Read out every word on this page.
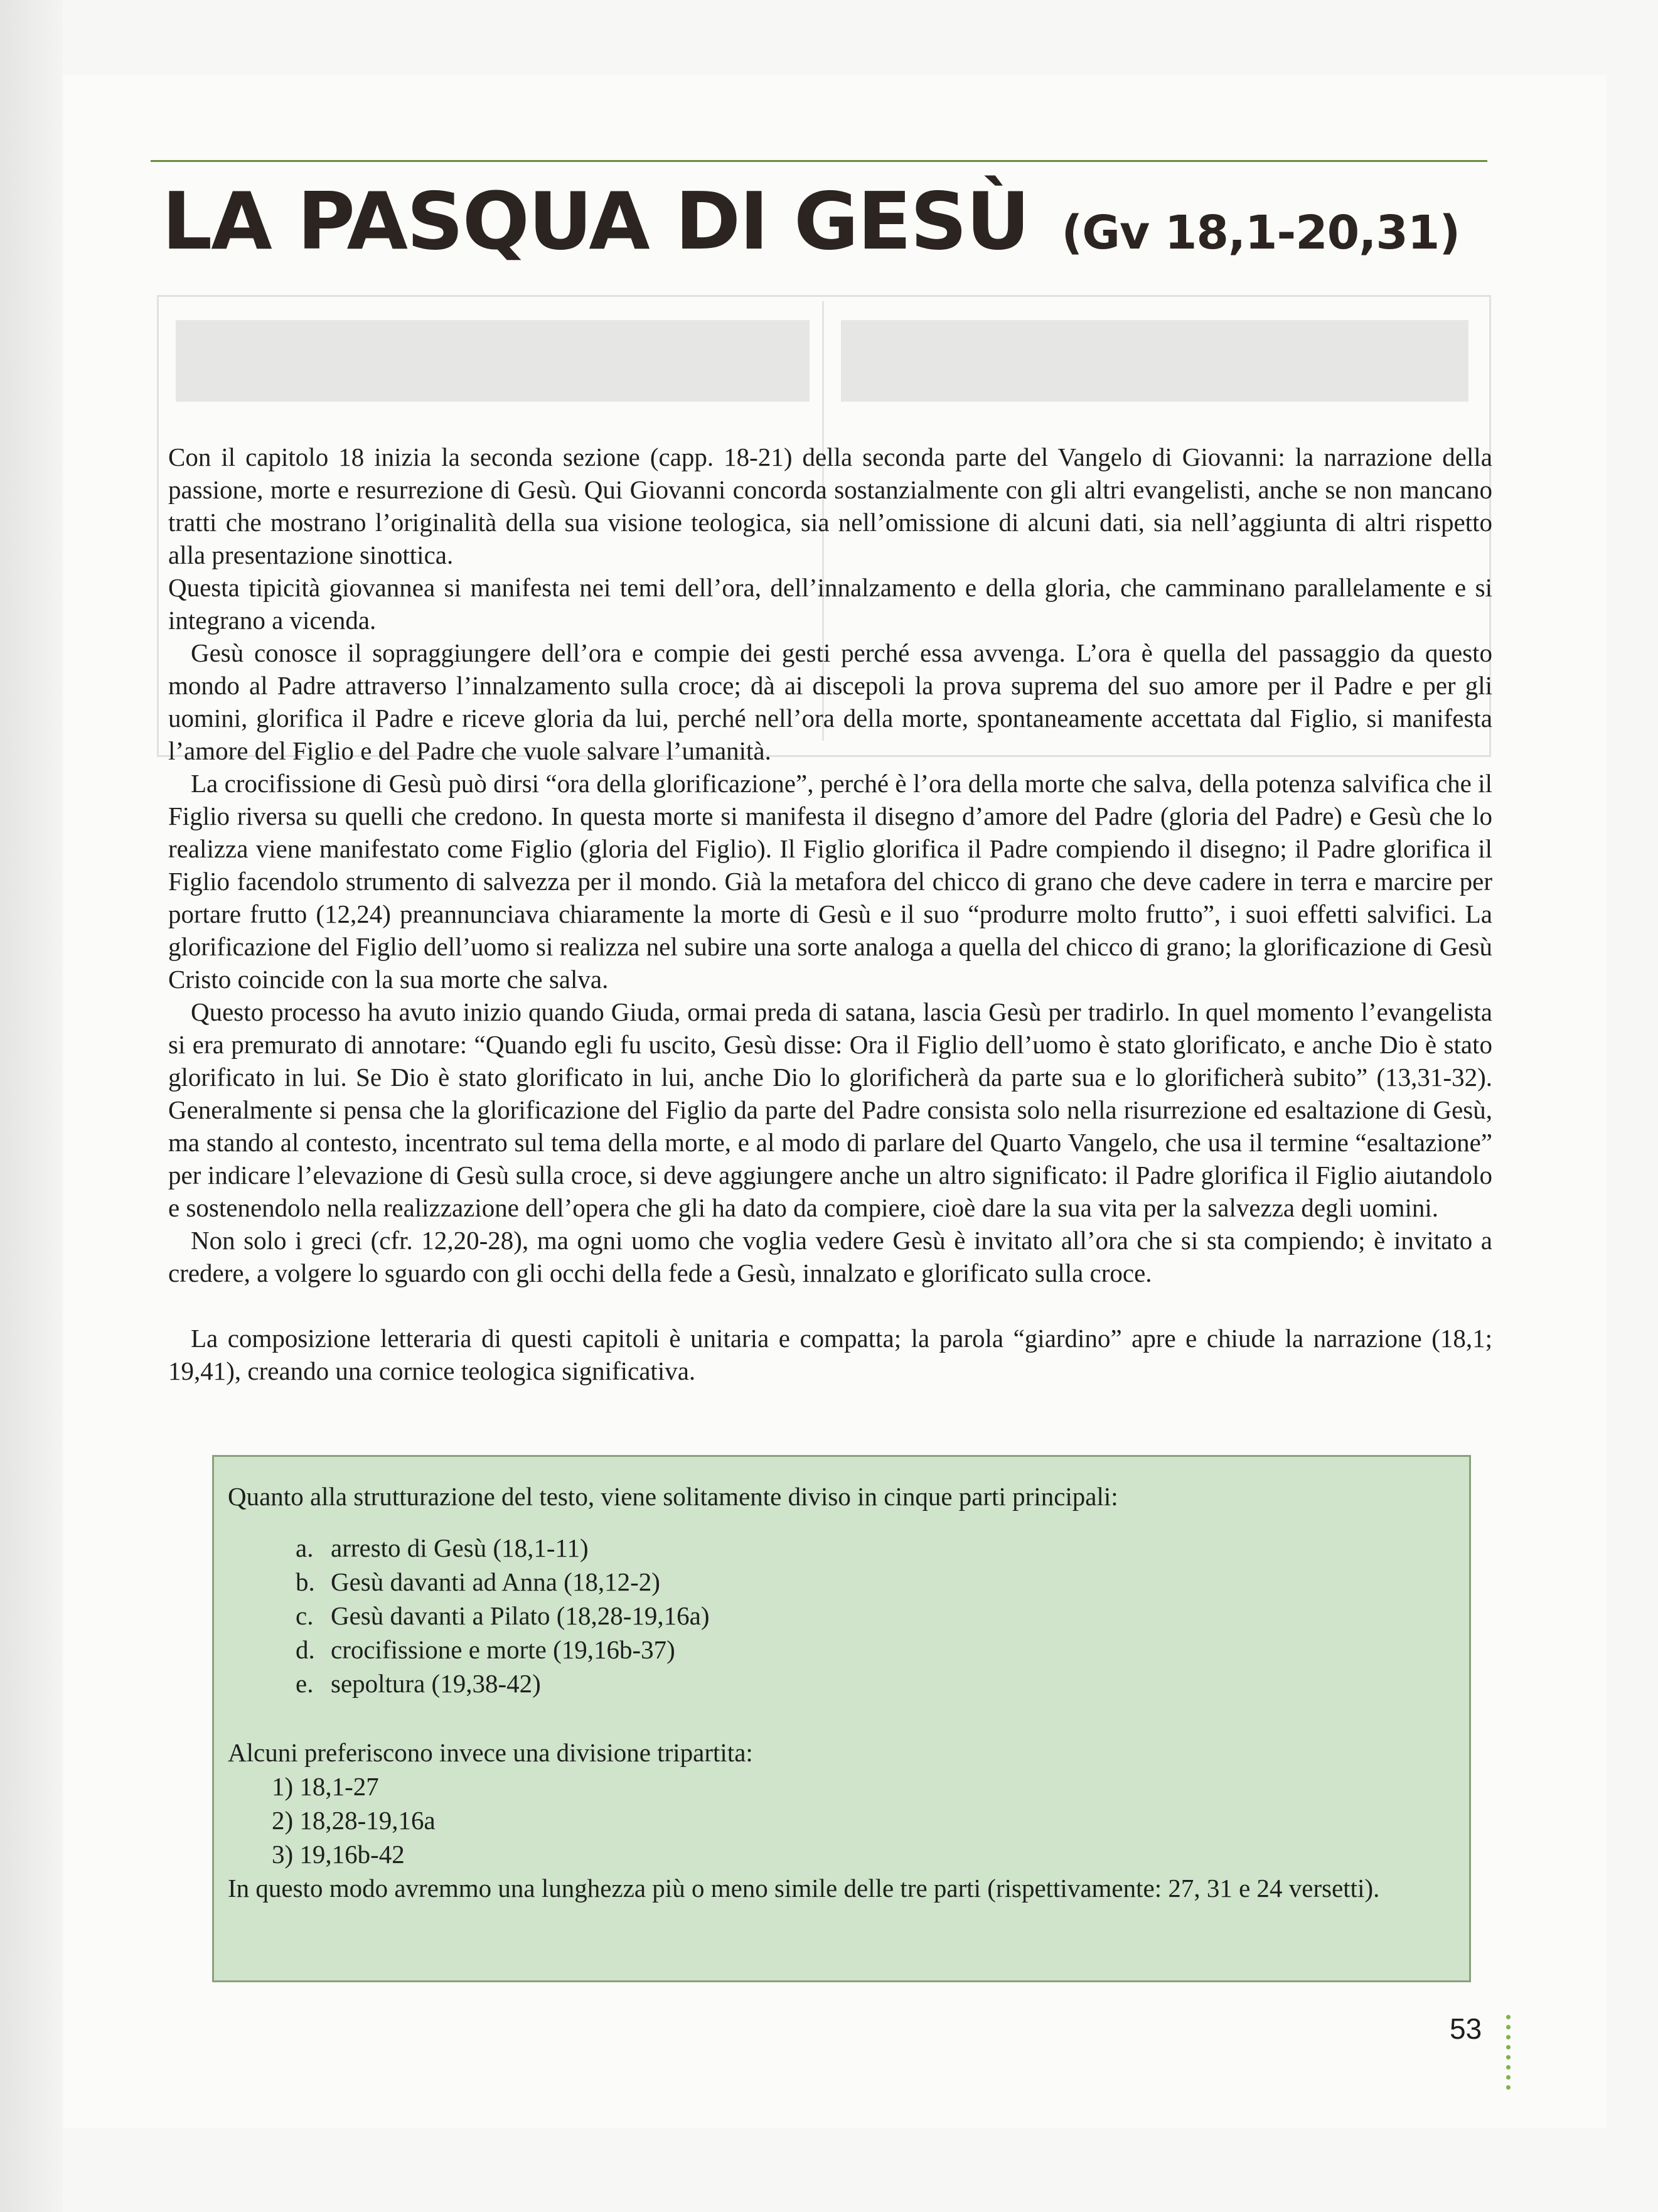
LA PASQUA DI GESÙ (Gv 18,1-20,31)

Con il capitolo 18 inizia la seconda sezione (capp. 18-21) della seconda parte del Vangelo di Giovanni: la narrazione della passione, morte e resurrezione di Gesù. Qui Giovanni concorda sostanzialmente con gli altri evangelisti, anche se non mancano tratti che mostrano l’originalità della sua visione teologica, sia nell’omissione di alcuni dati, sia nell’aggiunta di altri rispetto alla presentazione sinottica.

Questa tipicità giovannea si manifesta nei temi dell’ora, dell’innalzamento e della gloria, che camminano parallelamente e si integrano a vicenda.

Gesù conosce il sopraggiungere dell’ora e compie dei gesti perché essa avvenga. L’ora è quella del passaggio da questo mondo al Padre attraverso l’innalzamento sulla croce; dà ai discepoli la prova suprema del suo amore per il Padre e per gli uomini, glorifica il Padre e riceve gloria da lui, perché nell’ora della morte, spontaneamente accettata dal Figlio, si manifesta l’amore del Figlio e del Padre che vuole salvare l’umanità.

La crocifissione di Gesù può dirsi “ora della glorificazione”, perché è l’ora della morte che salva, della potenza salvifica che il Figlio riversa su quelli che credono. In questa morte si manifesta il disegno d’amore del Padre (gloria del Padre) e Gesù che lo realizza viene manifestato come Figlio (gloria del Figlio). Il Figlio glorifica il Padre compiendo il disegno; il Padre glorifica il Figlio facendolo strumento di salvezza per il mondo. Già la metafora del chicco di grano che deve cadere in terra e marcire per portare frutto (12,24) preannunciava chiaramente la morte di Gesù e il suo “produrre molto frutto”, i suoi effetti salvifici. La glorificazione del Figlio dell’uomo si realizza nel subire una sorte analoga a quella del chicco di grano; la glorificazione di Gesù Cristo coincide con la sua morte che salva.

Questo processo ha avuto inizio quando Giuda, ormai preda di satana, lascia Gesù per tradirlo. In quel momento l’evangelista si era premurato di annotare: “Quando egli fu uscito, Gesù disse: Ora il Figlio dell’uomo è stato glorificato, e anche Dio è stato glorificato in lui. Se Dio è stato glorificato in lui, anche Dio lo glorificherà da parte sua e lo glorificherà subito” (13,31-32). Generalmente si pensa che la glorificazione del Figlio da parte del Padre consista solo nella risurrezione ed esaltazione di Gesù, ma stando al contesto, incentrato sul tema della morte, e al modo di parlare del Quarto Vangelo, che usa il termine “esaltazione” per indicare l’elevazione di Gesù sulla croce, si deve aggiungere anche un altro significato: il Padre glorifica il Figlio aiutandolo e sostenendolo nella realizzazione dell’opera che gli ha dato da compiere, cioè dare la sua vita per la salvezza degli uomini.

Non solo i greci (cfr. 12,20-28), ma ogni uomo che voglia vedere Gesù è invitato all’ora che si sta compiendo; è invitato a credere, a volgere lo sguardo con gli occhi della fede a Gesù, innalzato e glorificato sulla croce.

La composizione letteraria di questi capitoli è unitaria e compatta; la parola “giardino” apre e chiude la narrazione (18,1; 19,41), creando una cornice teologica significativa.

Quanto alla strutturazione del testo, viene solitamente diviso in cinque parti principali:

a. arresto di Gesù (18,1-11)
b. Gesù davanti ad Anna (18,12-2)
c. Gesù davanti a Pilato (18,28-19,16a)
d. crocifissione e morte (19,16b-37)
e. sepoltura (19,38-42)

Alcuni preferiscono invece una divisione tripartita:

1) 18,1-27
2) 18,28-19,16a
3) 19,16b-42

In questo modo avremmo una lunghezza più o meno simile delle tre parti (rispettivamente: 27, 31 e 24 versetti).

53
